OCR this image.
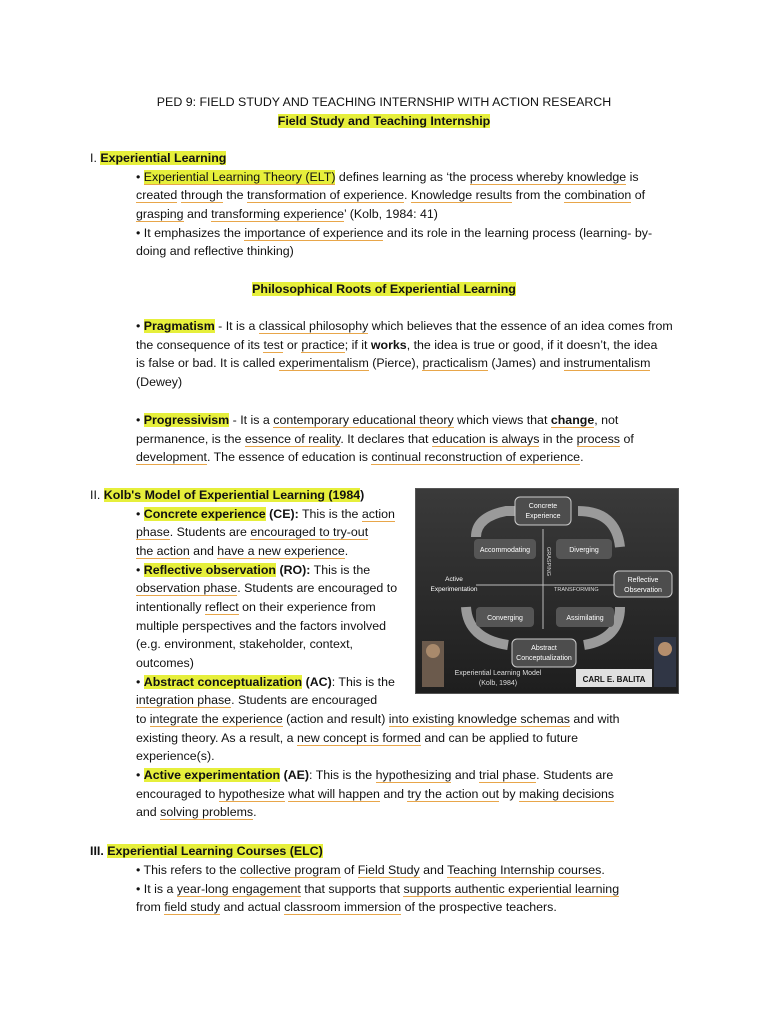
PED 9: FIELD STUDY AND TEACHING INTERNSHIP WITH ACTION RESEARCH
Field Study and Teaching Internship
I. Experiential Learning
• Experiential Learning Theory (ELT) defines learning as ‘the process whereby knowledge is
created through the transformation of experience. Knowledge results from the combination of
grasping and transforming experience’ (Kolb, 1984: 41)
• It emphasizes the importance of experience and its role in the learning process (learning- by-
doing and reflective thinking)
Philosophical Roots of Experiential Learning
• Pragmatism - It is a classical philosophy which believes that the essence of an idea comes from
the consequence of its test or practice; if it works, the idea is true or good, if it doesn’t, the idea
is false or bad. It is called experimentalism (Pierce), practicalism (James) and instrumentalism
(Dewey)
• Progressivism - It is a contemporary educational theory which views that change, not
permanence, is the essence of reality. It declares that education is always in the process of
development. The essence of education is continual reconstruction of experience.
II. Kolb's Model of Experiential Learning (1984)
• Concrete experience (CE): This is the action
phase. Students are encouraged to try-out
the action and have a new experience.
• Reflective observation (RO): This is the
observation phase. Students are encouraged to
intentionally reflect on their experience from
multiple perspectives and the factors involved
(e.g. environment, stakeholder, context,
outcomes)
• Abstract conceptualization (AC): This is the
integration phase. Students are encouraged
to integrate the experience (action and result) into existing knowledge schemas and with
existing theory. As a result, a new concept is formed and can be applied to future
experience(s).
• Active experimentation (AE): This is the hypothesizing and trial phase. Students are
encouraged to hypothesize what will happen and try the action out by making decisions
and solving problems.
Concrete
Experience
Accommodating	Diverging
Active
Experimentation
Reflective
Observation
GRASPING
TRANSFORMING
Converging	Assimilating
Abstract
Conceptualization
Experiential Learning Model
(Kolb, 1984)	CARL E. BALITA
III. Experiential Learning Courses (ELC)
• This refers to the collective program of Field Study and Teaching Internship courses.
• It is a year-long engagement that supports that supports authentic experiential learning
from field study and actual classroom immersion of the prospective teachers.
